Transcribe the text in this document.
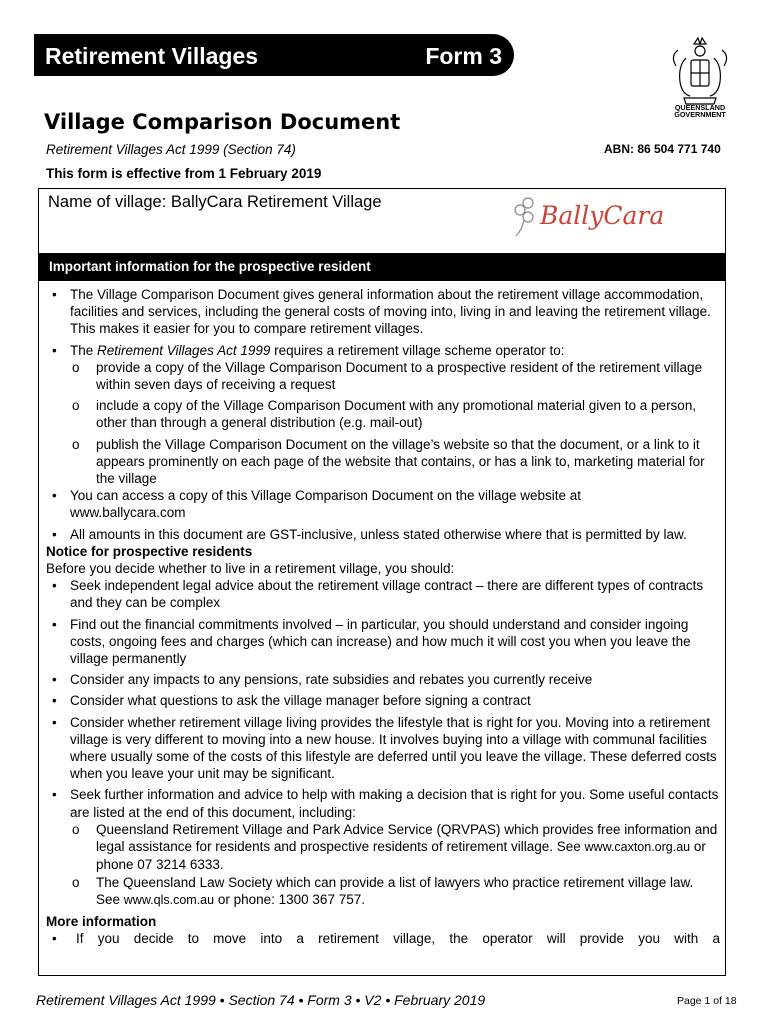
Retirement Villages	Form 3
QUEENSLAND
GOVERNMENT
Village Comparison Document
Retirement Villages Act 1999 (Section 74)	ABN: 86 504 771 740
This form is effective from 1 February 2019
Name of village: BallyCara Retirement Village	BallyCara
Important information for the prospective resident

• The Village Comparison Document gives general information about the retirement village accommodation, facilities and services, including the general costs of moving into, living in and leaving the retirement village. This makes it easier for you to compare retirement villages.

• The Retirement Villages Act 1999 requires a retirement village scheme operator to:

o provide a copy of the Village Comparison Document to a prospective resident of the retirement village within seven days of receiving a request

o include a copy of the Village Comparison Document with any promotional material given to a person, other than through a general distribution (e.g. mail-out)

o publish the Village Comparison Document on the village’s website so that the document, or a link to it appears prominently on each page of the website that contains, or has a link to, marketing material for the village

• You can access a copy of this Village Comparison Document on the village website at
www.ballycara.com

• All amounts in this document are GST-inclusive, unless stated otherwise where that is permitted by law.

Notice for prospective residents

Before you decide whether to live in a retirement village, you should:

• Seek independent legal advice about the retirement village contract – there are different types of contracts and they can be complex

• Find out the financial commitments involved – in particular, you should understand and consider ingoing costs, ongoing fees and charges (which can increase) and how much it will cost you when you leave the village permanently

• Consider any impacts to any pensions, rate subsidies and rebates you currently receive

• Consider what questions to ask the village manager before signing a contract

• Consider whether retirement village living provides the lifestyle that is right for you. Moving into a retirement village is very different to moving into a new house. It involves buying into a village with communal facilities where usually some of the costs of this lifestyle are deferred until you leave the village. These deferred costs when you leave your unit may be significant.

• Seek further information and advice to help with making a decision that is right for you. Some useful contacts are listed at the end of this document, including:

o Queensland Retirement Village and Park Advice Service (QRVPAS) which provides free information and legal assistance for residents and prospective residents of retirement village. See www.caxton.org.au or phone 07 3214 6333.

o The Queensland Law Society which can provide a list of lawyers who practice retirement village law. See www.qls.com.au or phone: 1300 367 757.

More information

• If you decide to move into a retirement village, the operator will provide you with a

Retirement Villages Act 1999 • Section 74 • Form 3 • V2 • February 2019	Page 1 of 18
